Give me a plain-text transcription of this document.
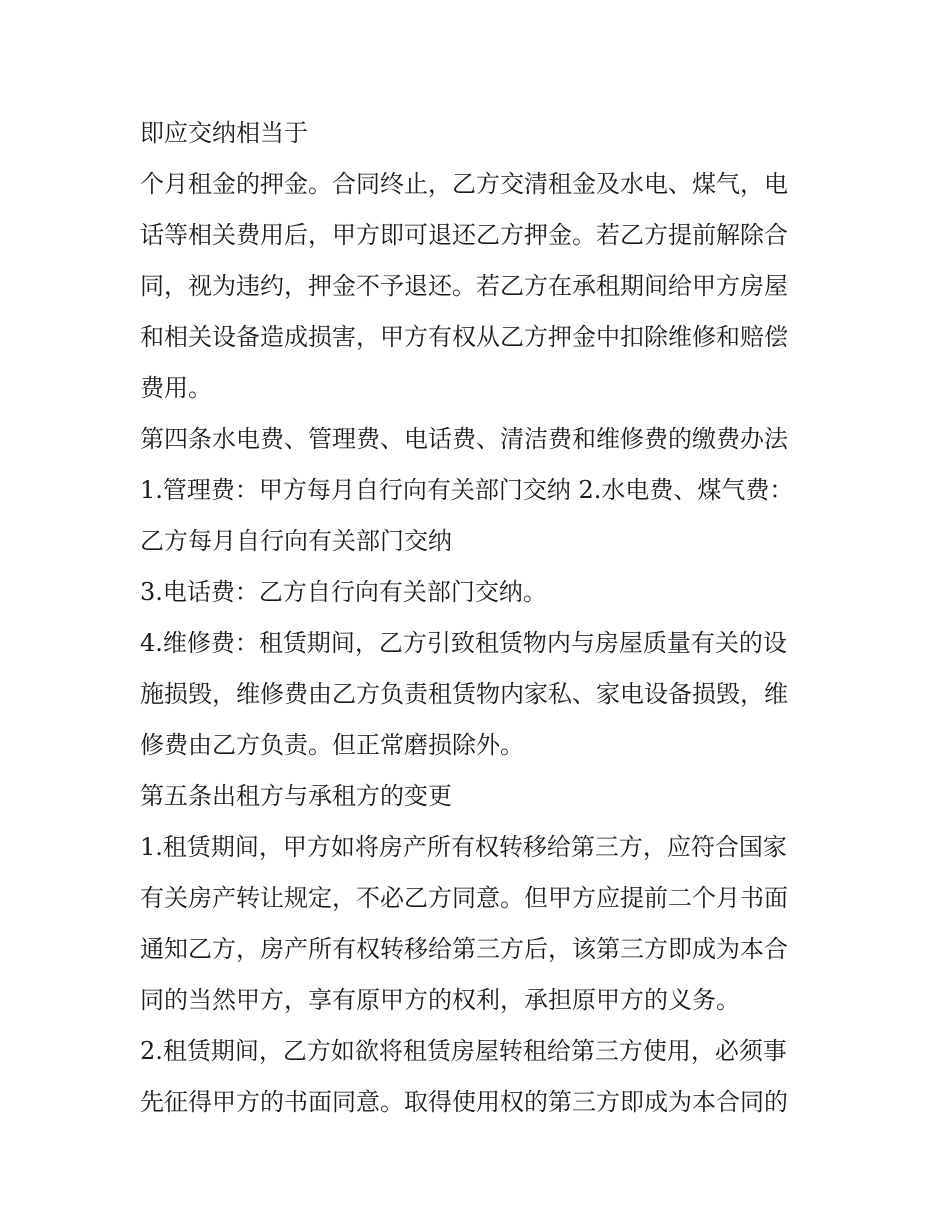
即应交纳相当于
个月租金的押金。合同终止，乙方交清租金及水电、煤气，电
话等相关费用后，甲方即可退还乙方押金。若乙方提前解除合
同，视为违约，押金不予退还。若乙方在承租期间给甲方房屋
和相关设备造成损害，甲方有权从乙方押金中扣除维修和赔偿
费用。
第四条水电费、管理费、电话费、清洁费和维修费的缴费办法
1.管理费：甲方每月自行向有关部门交纳 2.水电费、煤气费：
乙方每月自行向有关部门交纳
3.电话费：乙方自行向有关部门交纳。
4.维修费：租赁期间，乙方引致租赁物内与房屋质量有关的设
施损毁，维修费由乙方负责租赁物内家私、家电设备损毁，维
修费由乙方负责。但正常磨损除外。
第五条出租方与承租方的变更
1.租赁期间，甲方如将房产所有权转移给第三方，应符合国家
有关房产转让规定，不必乙方同意。但甲方应提前二个月书面
通知乙方，房产所有权转移给第三方后，该第三方即成为本合
同的当然甲方，享有原甲方的权利，承担原甲方的义务。
2.租赁期间，乙方如欲将租赁房屋转租给第三方使用，必须事
先征得甲方的书面同意。取得使用权的第三方即成为本合同的
